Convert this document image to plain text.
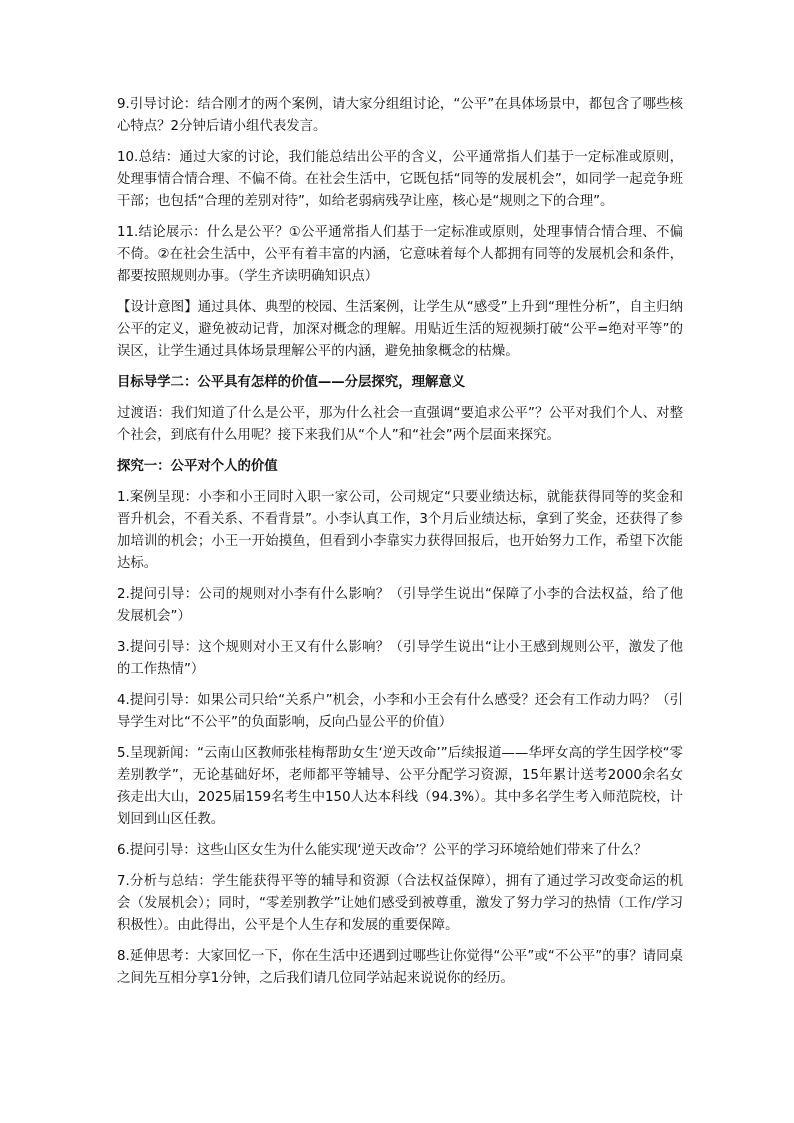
9.引导讨论：结合刚才的两个案例，请大家分组组讨论，“公平”在具体场景中，都包含了哪些核心特点？2分钟后请小组代表发言。

10.总结：通过大家的讨论，我们能总结出公平的含义，公平通常指人们基于一定标准或原则，处理事情合情合理、不偏不倚。在社会生活中，它既包括“同等的发展机会”，如同学一起竞争班干部；也包括“合理的差别对待”，如给老弱病残孕让座，核心是“规则之下的合理”。

11.结论展示：什么是公平？①公平通常指人们基于一定标准或原则，处理事情合情合理、不偏不倚。②在社会生活中，公平有着丰富的内涵，它意味着每个人都拥有同等的发展机会和条件，都要按照规则办事。（学生齐读明确知识点）

【设计意图】通过具体、典型的校园、生活案例，让学生从“感受”上升到“理性分析”，自主归纳公平的定义，避免被动记背，加深对概念的理解。用贴近生活的短视频打破“公平=绝对平等”的误区，让学生通过具体场景理解公平的内涵，避免抽象概念的枯燥。

目标导学二：公平具有怎样的价值——分层探究，理解意义

过渡语：我们知道了什么是公平，那为什么社会一直强调“要追求公平”？公平对我们个人、对整个社会，到底有什么用呢？接下来我们从“个人”和“社会”两个层面来探究。

探究一：公平对个人的价值

1.案例呈现：小李和小王同时入职一家公司，公司规定“只要业绩达标，就能获得同等的奖金和晋升机会，不看关系、不看背景”。小李认真工作，3个月后业绩达标，拿到了奖金，还获得了参加培训的机会；小王一开始摸鱼，但看到小李靠实力获得回报后，也开始努力工作，希望下次能达标。

2.提问引导：公司的规则对小李有什么影响？（引导学生说出“保障了小李的合法权益，给了他发展机会”）

3.提问引导：这个规则对小王又有什么影响？（引导学生说出“让小王感到规则公平，激发了他的工作热情”）

4.提问引导：如果公司只给“关系户”机会，小李和小王会有什么感受？还会有工作动力吗？（引导学生对比“不公平”的负面影响，反向凸显公平的价值）

5.呈现新闻：“云南山区教师张桂梅帮助女生‘逆天改命’”后续报道——华坪女高的学生因学校“零差别教学”，无论基础好坏，老师都平等辅导、公平分配学习资源，15年累计送考2000余名女孩走出大山，2025届159名考生中150人达本科线（94.3%）。其中多名学生考入师范院校，计划回到山区任教。

6.提问引导：这些山区女生为什么能实现‘逆天改命’？公平的学习环境给她们带来了什么？

7.分析与总结：学生能获得平等的辅导和资源（合法权益保障），拥有了通过学习改变命运的机会（发展机会）；同时，“零差别教学”让她们感受到被尊重，激发了努力学习的热情（工作/学习积极性）。由此得出，公平是个人生存和发展的重要保障。

8.延伸思考：大家回忆一下，你在生活中还遇到过哪些让你觉得“公平”或“不公平”的事？请同桌之间先互相分享1分钟，之后我们请几位同学站起来说说你的经历。
